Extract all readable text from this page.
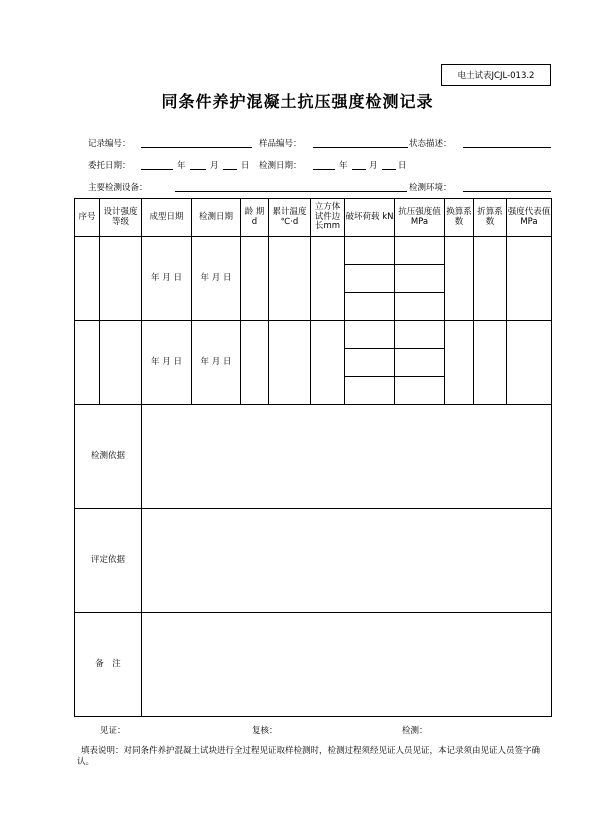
电土试表JCJL-013.2
同条件养护混凝土抗压强度检测记录
记录编号：	样品编号：	状态描述：
委托日期：	年	月	日 检测日期：	年	月 日
主要检测设备：	检测环境：
序号	设计强度等级	成型日期	检测日期	龄 期 d	累计温度 ℃·d	立方体试件边长mm	破坏荷载 kN	抗压强度值 MPa	换算系数	折算系数	强度代表值 MPa
		年 月 日	年 月 日								

		年 月 日	年 月 日								

检测依据											
评定依据											
备　注											
见证：	复核：	检测：
填表说明：对同条件养护混凝土试块进行全过程见证取样检测时，检测过程须经见证人员见证，本记录须由见证人员签字确认。
